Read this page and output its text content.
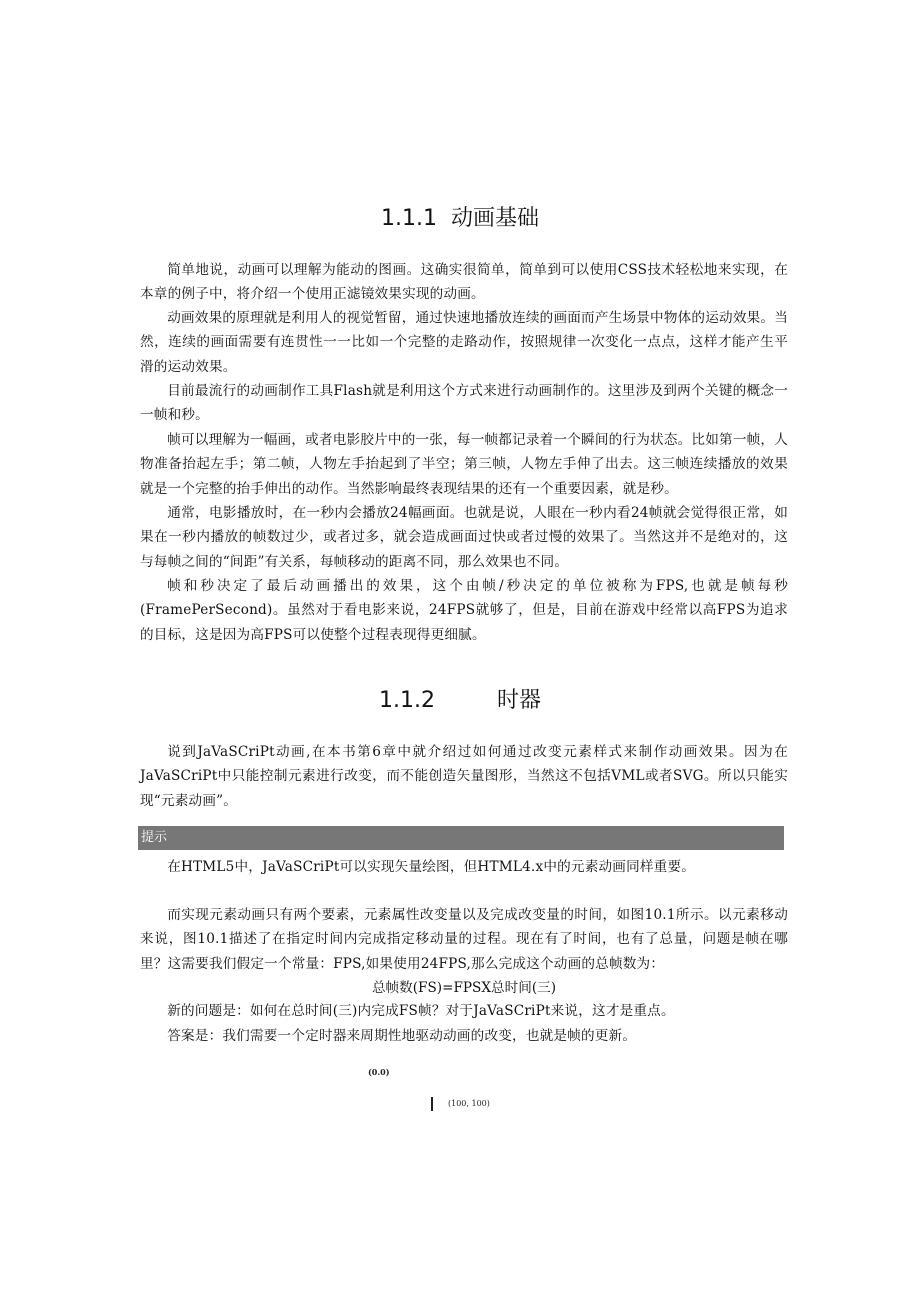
1.1.1 动画基础

简单地说，动画可以理解为能动的图画。这确实很简单，简单到可以使用CSS技术轻松地来实现，在本章的例子中，将介绍一个使用正滤镜效果实现的动画。

动画效果的原理就是利用人的视觉暂留，通过快速地播放连续的画面而产生场景中物体的运动效果。当然，连续的画面需要有连贯性一一比如一个完整的走路动作，按照规律一次变化一点点，这样才能产生平滑的运动效果。

目前最流行的动画制作工具Flash就是利用这个方式来进行动画制作的。这里涉及到两个关键的概念一一帧和秒。

帧可以理解为一幅画，或者电影胶片中的一张，每一帧都记录着一个瞬间的行为状态。比如第一帧，人物准备抬起左手；第二帧，人物左手抬起到了半空；第三帧，人物左手伸了出去。这三帧连续播放的效果就是一个完整的抬手伸出的动作。当然影响最终表现结果的还有一个重要因素，就是秒。

通常，电影播放时，在一秒内会播放24幅画面。也就是说，人眼在一秒内看24帧就会觉得很正常，如果在一秒内播放的帧数过少，或者过多，就会造成画面过快或者过慢的效果了。当然这并不是绝对的，这与每帧之间的“间距”有关系，每帧移动的距离不同，那么效果也不同。

帧和秒决定了最后动画播出的效果，这个由帧/秒决定的单位被称为FPS,也就是帧每秒(FramePerSecond)。虽然对于看电影来说，24FPS就够了，但是，目前在游戏中经常以高FPS为追求的目标，这是因为高FPS可以使整个过程表现得更细腻。

1.1.2	时器

说到JaVaSCriPt动画,在本书第6章中就介绍过如何通过改变元素样式来制作动画效果。因为在JaVaSCriPt中只能控制元素进行改变，而不能创造矢量图形，当然这不包括VML或者SVG。所以只能实现“元素动画”。

提示

在HTML5中，JaVaSCriPt可以实现矢量绘图，但HTML4.x中的元素动画同样重要。

而实现元素动画只有两个要素，元素属性改变量以及完成改变量的时间，如图10.1所示。以元素移动来说，图10.1描述了在指定时间内完成指定移动量的过程。现在有了时间，也有了总量，问题是帧在哪里？这需要我们假定一个常量：FPS,如果使用24FPS,那么完成这个动画的总帧数为：

总帧数(FS)=FPSX总时间(三)

新的问题是：如何在总时间(三)内完成FS帧？对于JaVaSCriPt来说，这才是重点。

答案是：我们需要一个定时器来周期性地驱动动画的改变，也就是帧的更新。

(0.0)
(100, 100)
